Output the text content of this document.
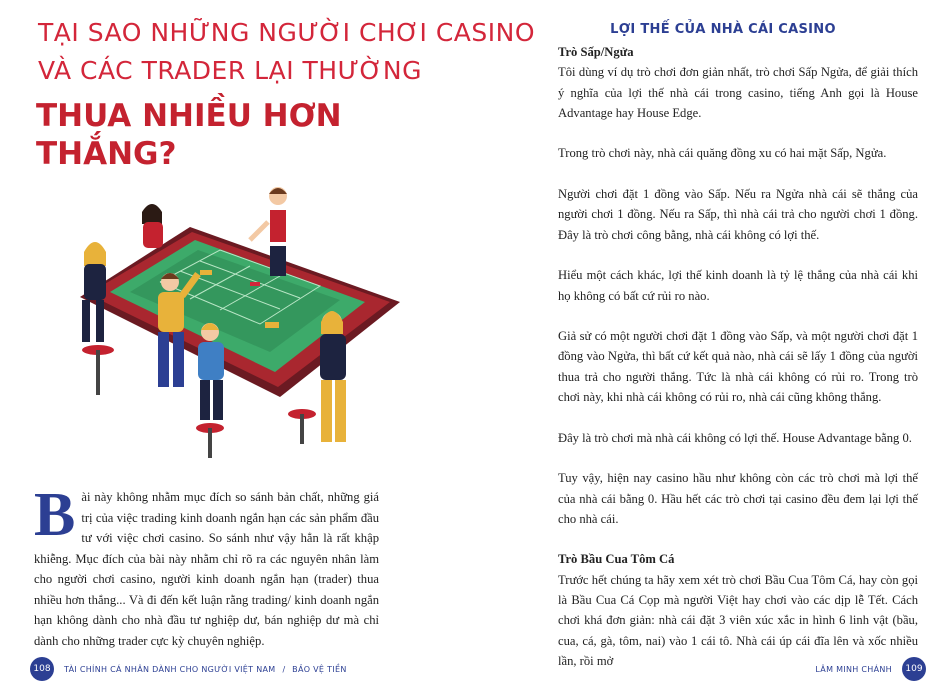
TẠI SAO NHỮNG NGƯỜI CHƠI CASINO
VÀ CÁC TRADER LẠI THƯỜNG
THUA NHIỀU HƠN
THẮNG?
Bài này không nhằm mục đích so sánh bản chất, những giá trị của việc trading kinh doanh ngắn hạn các sản phẩm đầu tư với việc chơi casino. So sánh như vậy hẳn là rất khập khiễng. Mục đích của bài này nhằm chỉ rõ ra các nguyên nhân làm cho người chơi casino, người kinh doanh ngắn hạn (trader) thua nhiều hơn thắng... Và đi đến kết luận rằng trading/ kinh doanh ngắn hạn không dành cho nhà đầu tư nghiệp dư, bán nghiệp dư mà chỉ dành cho những trader cực kỳ chuyên nghiệp.
108	TÀI CHÍNH CÁ NHÂN DÀNH CHO NGƯỜI VIỆT NAM / BẢO VỆ TIỀN
LỢI THẾ CỦA NHÀ CÁI CASINO

Trò Sấp/Ngửa

Tôi dùng ví dụ trò chơi đơn giản nhất, trò chơi Sấp Ngửa, để giải thích ý nghĩa của lợi thế nhà cái trong casino, tiếng Anh gọi là House Advantage hay House Edge.

Trong trò chơi này, nhà cái quăng đồng xu có hai mặt Sấp, Ngửa.

Người chơi đặt 1 đồng vào Sấp. Nếu ra Ngửa nhà cái sẽ thắng của người chơi 1 đồng. Nếu ra Sấp, thì nhà cái trả cho người chơi 1 đồng. Đây là trò chơi công bằng, nhà cái không có lợi thế.

Hiểu một cách khác, lợi thế kinh doanh là tỷ lệ thắng của nhà cái khi họ không có bất cứ rủi ro nào.

Giả sử có một người chơi đặt 1 đồng vào Sấp, và một người chơi đặt 1 đồng vào Ngửa, thì bất cứ kết quả nào, nhà cái sẽ lấy 1 đồng của người thua trả cho người thắng. Tức là nhà cái không có rủi ro. Trong trò chơi này, khi nhà cái không có rủi ro, nhà cái cũng không thắng.

Đây là trò chơi mà nhà cái không có lợi thế. House Advantage bằng 0.

Tuy vậy, hiện nay casino hầu như không còn các trò chơi mà lợi thế của nhà cái bằng 0. Hầu hết các trò chơi tại casino đều đem lại lợi thế cho nhà cái.

Trò Bầu Cua Tôm Cá

Trước hết chúng ta hãy xem xét trò chơi Bầu Cua Tôm Cá, hay còn gọi là Bầu Cua Cá Cọp mà người Việt hay chơi vào các dịp lễ Tết. Cách chơi khá đơn giản: nhà cái đặt 3 viên xúc xắc in hình 6 linh vật (bầu, cua, cá, gà, tôm, nai) vào 1 cái tô. Nhà cái úp cái đĩa lên và xốc nhiều lần, rồi mở

LÂM MINH CHÁNH	109
